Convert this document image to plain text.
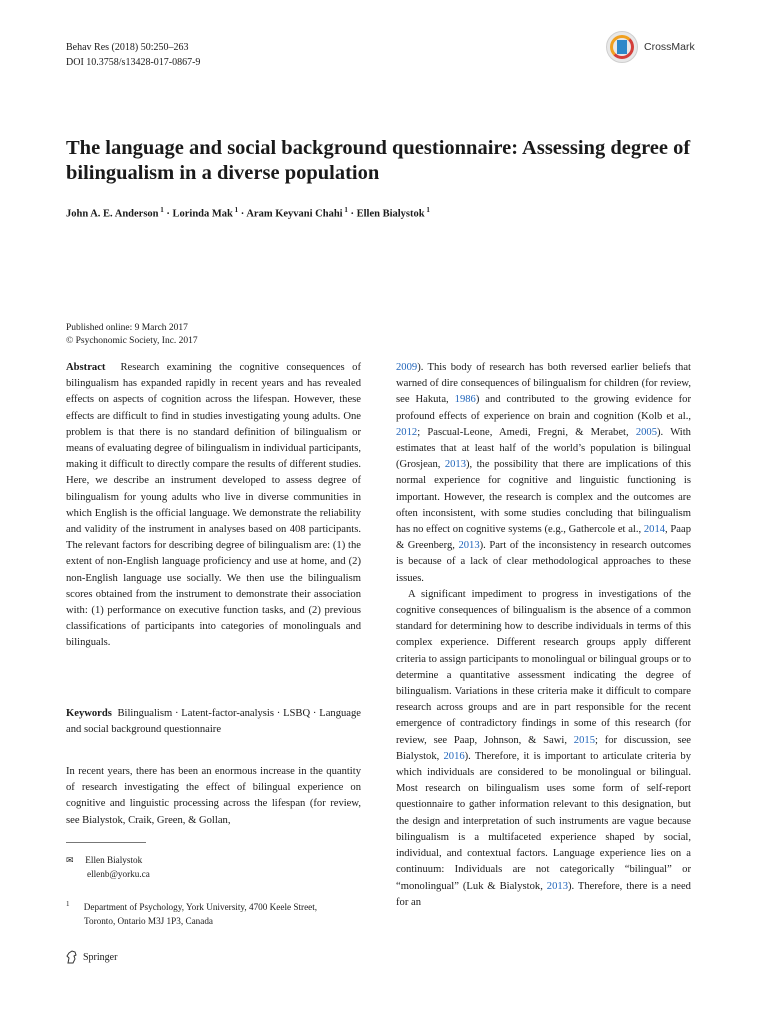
Behav Res (2018) 50:250–263
DOI 10.3758/s13428-017-0867-9
CrossMark
The language and social background questionnaire: Assessing degree of bilingualism in a diverse population
John A. E. Anderson $^1$ · Lorinda Mak $^1$ · Aram Keyvani Chahi $^1$ · Ellen Bialystok $^1$
Published online: 9 March 2017
© Psychonomic Society, Inc. 2017

Abstract Research examining the cognitive consequences of bilingualism has expanded rapidly in recent years and has revealed effects on aspects of cognition across the lifespan. However, these effects are difficult to find in studies investigating young adults. One problem is that there is no standard definition of bilingualism or means of evaluating degree of bilingualism in individual participants, making it difficult to directly compare the results of different studies. Here, we describe an instrument developed to assess degree of bilingualism for young adults who live in diverse communities in which English is the official language. We demonstrate the reliability and validity of the instrument in analyses based on 408 participants. The relevant factors for describing degree of bilingualism are: (1) the extent of non-English language proficiency and use at home, and (2) non-English language use socially. We then use the bilingualism scores obtained from the instrument to demonstrate their association with: (1) performance on executive function tasks, and (2) previous classifications of participants into categories of monolinguals and bilinguals.

Keywords Bilingualism · Latent-factor-analysis · LSBQ · Language and social background questionnaire

In recent years, there has been an enormous increase in the quantity of research investigating the effect of bilingual experience on cognitive and linguistic processing across the lifespan (for review, see Bialystok, Craik, Green, & Gollan,

2009). This body of research has both reversed earlier beliefs that warned of dire consequences of bilingualism for children (for review, see Hakuta, 1986) and contributed to the growing evidence for profound effects of experience on brain and cognition (Kolb et al., 2012; Pascual-Leone, Amedi, Fregni, & Merabet, 2005). With estimates that at least half of the world’s population is bilingual (Grosjean, 2013), the possibility that there are implications of this normal experience for cognitive and linguistic functioning is important. However, the research is complex and the outcomes are often inconsistent, with some studies concluding that bilingualism has no effect on cognitive systems (e.g., Gathercole et al., 2014, Paap & Greenberg, 2013). Part of the inconsistency in research outcomes is because of a lack of clear methodological approaches to these issues.

A significant impediment to progress in investigations of the cognitive consequences of bilingualism is the absence of a common standard for determining how to describe individuals in terms of this complex experience. Different research groups apply different criteria to assign participants to monolingual or bilingual groups or to determine a quantitative assessment indicating the degree of bilingualism. Variations in these criteria make it difficult to compare research across groups and are in part responsible for the recent emergence of contradictory findings in some of this research (for review, see Paap, Johnson, & Sawi, 2015; for discussion, see Bialystok, 2016). Therefore, it is important to articulate criteria by which individuals are considered to be monolingual or bilingual. Most research on bilingualism uses some form of self-report questionnaire to gather information relevant to this designation, but the design and interpretation of such instruments are vague because bilingualism is a multifaceted experience shaped by social, individual, and contextual factors. Language experience lies on a continuum: Individuals are not categorically “bilingual” or “monolingual” (Luk & Bialystok, 2013). Therefore, there is a need for an

✉ Ellen Bialystok
ellenb@yorku.ca
$^1$ Department of Psychology, York University, 4700 Keele Street,
Toronto, Ontario M3J 1P3, Canada
Springer
